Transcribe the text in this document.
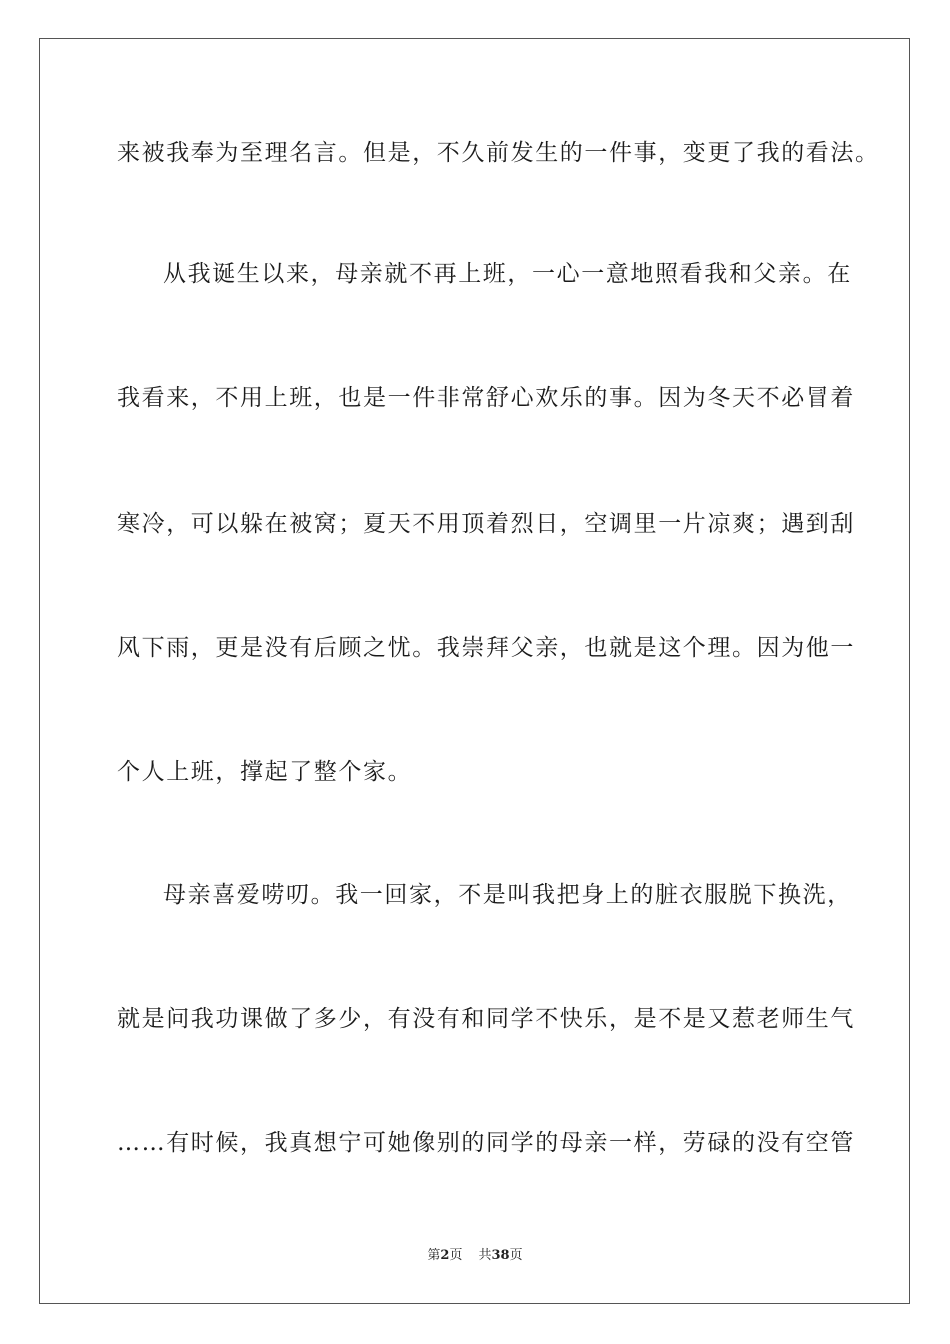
来被我奉为至理名言。但是，不久前发生的一件事，变更了我的看法。
从我诞生以来，母亲就不再上班，一心一意地照看我和父亲。在
我看来，不用上班，也是一件非常舒心欢乐的事。因为冬天不必冒着
寒冷，可以躲在被窝；夏天不用顶着烈日，空调里一片凉爽；遇到刮
风下雨，更是没有后顾之忧。我崇拜父亲，也就是这个理。因为他一
个人上班，撑起了整个家。
母亲喜爱唠叨。我一回家，不是叫我把身上的脏衣服脱下换洗，
就是问我功课做了多少，有没有和同学不快乐，是不是又惹老师生气
……有时候，我真想宁可她像别的同学的母亲一样，劳碌的没有空管
第2页 共38页
